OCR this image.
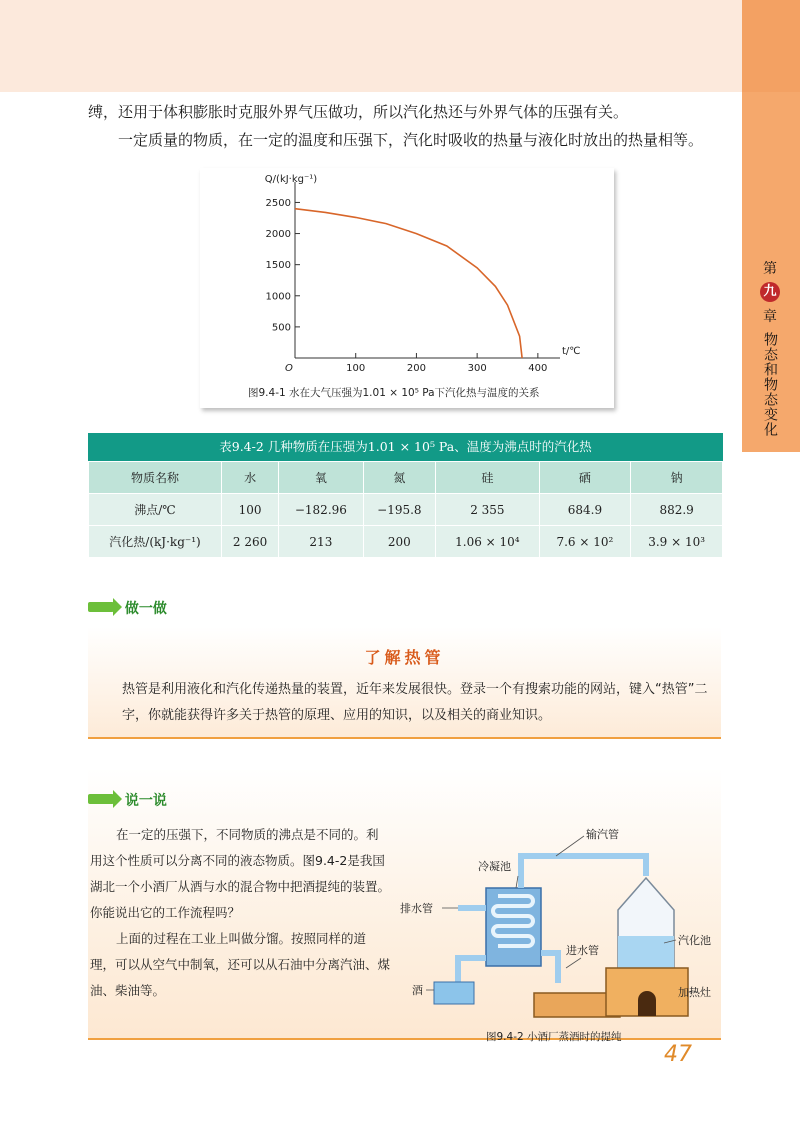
第
九
章
物态和物态变化
缚，还用于体积膨胀时克服外界气压做功，所以汽化热还与外界气体的压强有关。
一定质量的物质，在一定的温度和压强下，汽化时吸收的热量与液化时放出的热量相等。
Q/(kJ·kg⁻¹)
t/℃
O
500
1000
1500
2000
2500
100	200	300	400
图9.4-1 水在大气压强为1.01 × 10⁵ Pa下汽化热与温度的关系
表9.4-2 几种物质在压强为1.01 × 10⁵ Pa、温度为沸点时的汽化热
物质名称	水	氧	氮	硅	硒	钠
沸点/℃	100	−182.96	−195.8	2 355	684.9	882.9
汽化热/(kJ·kg⁻¹)	2 260	213	200	1.06 × 10⁴	7.6 × 10²	3.9 × 10³
做一做
了解热管
热管是利用液化和汽化传递热量的装置，近年来发展很快。登录一个有搜索功能的网站，键入“热管”二字，你就能获得许多关于热管的原理、应用的知识，以及相关的商业知识。
说一说
在一定的压强下，不同物质的沸点是不同的。利用这个性质可以分离不同的液态物质。图9.4-2是我国湖北一个小酒厂从酒与水的混合物中把酒提纯的装置。你能说出它的工作流程吗？
上面的过程在工业上叫做分馏。按照同样的道理，可以从空气中制氧，还可以从石油中分离汽油、煤油、柴油等。
输汽管
冷凝池
排水管
进水管
汽化池
加热灶
酒
图9.4-2 小酒厂蒸酒时的提纯
47
